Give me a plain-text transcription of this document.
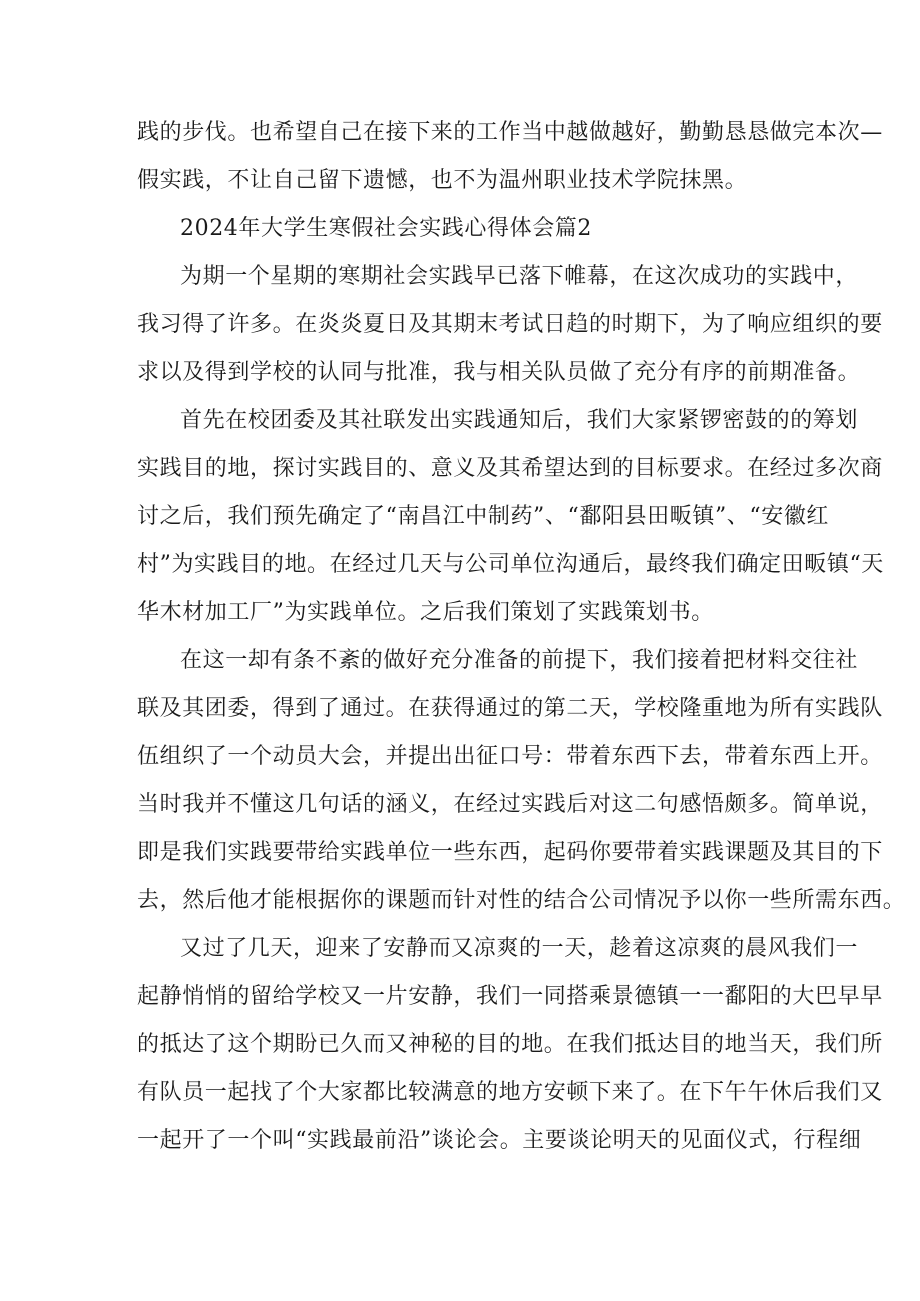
践的步伐。也希望自己在接下来的工作当中越做越好，勤勤恳恳做完本次—
假实践，不让自己留下遗憾，也不为温州职业技术学院抹黑。
2024年大学生寒假社会实践心得体会篇2
为期一个星期的寒期社会实践早已落下帷幕，在这次成功的实践中，
我习得了许多。在炎炎夏日及其期末考试日趋的时期下，为了响应组织的要
求以及得到学校的认同与批准，我与相关队员做了充分有序的前期准备。
首先在校团委及其社联发出实践通知后，我们大家紧锣密鼓的的筹划
实践目的地，探讨实践目的、意义及其希望达到的目标要求。在经过多次商
讨之后，我们预先确定了“南昌江中制药”、“鄱阳县田畈镇”、“安徽红
村”为实践目的地。在经过几天与公司单位沟通后，最终我们确定田畈镇“天
华木材加工厂”为实践单位。之后我们策划了实践策划书。
在这一却有条不紊的做好充分准备的前提下，我们接着把材料交往社
联及其团委，得到了通过。在获得通过的第二天，学校隆重地为所有实践队
伍组织了一个动员大会，并提出出征口号：带着东西下去，带着东西上开。
当时我并不懂这几句话的涵义，在经过实践后对这二句感悟颇多。简单说，
即是我们实践要带给实践单位一些东西，起码你要带着实践课题及其目的下
去，然后他才能根据你的课题而针对性的结合公司情况予以你一些所需东西。
又过了几天，迎来了安静而又凉爽的一天，趁着这凉爽的晨风我们一
起静悄悄的留给学校又一片安静，我们一同搭乘景德镇一一鄱阳的大巴早早
的抵达了这个期盼已久而又神秘的目的地。在我们抵达目的地当天，我们所
有队员一起找了个大家都比较满意的地方安顿下来了。在下午午休后我们又
一起开了一个叫“实践最前沿”谈论会。主要谈论明天的见面仪式，行程细
